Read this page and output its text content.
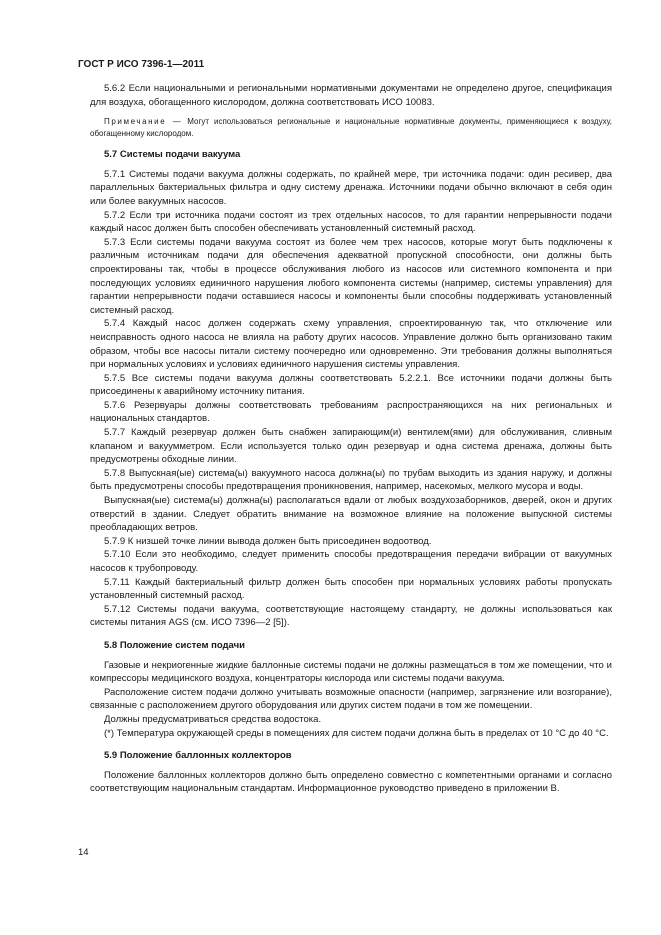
ГОСТ Р ИСО 7396-1—2011

5.6.2 Если национальными и региональными нормативными документами не определено другое, спецификация для воздуха, обогащенного кислородом, должна соответствовать ИСО 10083.

Примечание — Могут использоваться региональные и национальные нормативные документы, применяющиеся к воздуху, обогащенному кислородом.

5.7 Системы подачи вакуума

5.7.1 Системы подачи вакуума должны содержать, по крайней мере, три источника подачи: один ресивер, два параллельных бактериальных фильтра и одну систему дренажа. Источники подачи обычно включают в себя один или более вакуумных насосов.

5.7.2 Если три источника подачи состоят из трех отдельных насосов, то для гарантии непрерывности подачи каждый насос должен быть способен обеспечивать установленный системный расход.

5.7.3 Если системы подачи вакуума состоят из более чем трех насосов, которые могут быть подключены к различным источникам подачи для обеспечения адекватной пропускной способности, они должны быть спроектированы так, чтобы в процессе обслуживания любого из насосов или системного компонента и при последующих условиях единичного нарушения любого компонента системы (например, системы управления) для гарантии непрерывности подачи оставшиеся насосы и компоненты были способны поддерживать установленный системный расход.

5.7.4 Каждый насос должен содержать схему управления, спроектированную так, что отключение или неисправность одного насоса не влияла на работу других насосов. Управление должно быть организовано таким образом, чтобы все насосы питали систему поочередно или одновременно. Эти требования должны выполняться при нормальных условиях и условиях единичного нарушения системы управления.

5.7.5 Все системы подачи вакуума должны соответствовать 5.2.2.1. Все источники подачи должны быть присоединены к аварийному источнику питания.

5.7.6 Резервуары должны соответствовать требованиям распространяющихся на них региональных и национальных стандартов.

5.7.7 Каждый резервуар должен быть снабжен запирающим(и) вентилем(ями) для обслуживания, сливным клапаном и вакуумметром. Если используется только один резервуар и одна система дренажа, должны быть предусмотрены обходные линии.

5.7.8 Выпускная(ые) система(ы) вакуумного насоса должна(ы) по трубам выходить из здания наружу, и должны быть предусмотрены способы предотвращения проникновения, например, насекомых, мелкого мусора и воды.

Выпускная(ые) система(ы) должна(ы) располагаться вдали от любых воздухозаборников, дверей, окон и других отверстий в здании. Следует обратить внимание на возможное влияние на положение выпускной системы преобладающих ветров.

5.7.9 К низшей точке линии вывода должен быть присоединен водоотвод.

5.7.10 Если это необходимо, следует применить способы предотвращения передачи вибрации от вакуумных насосов к трубопроводу.

5.7.11 Каждый бактериальный фильтр должен быть способен при нормальных условиях работы пропускать установленный системный расход.

5.7.12 Системы подачи вакуума, соответствующие настоящему стандарту, не должны использоваться как системы питания AGS (см. ИСО 7396—2 [5]).

5.8 Положение систем подачи

Газовые и некриогенные жидкие баллонные системы подачи не должны размещаться в том же помещении, что и компрессоры медицинского воздуха, концентраторы кислорода или системы подачи вакуума.

Расположение систем подачи должно учитывать возможные опасности (например, загрязнение или возгорание), связанные с расположением другого оборудования или других систем подачи в том же помещении.

Должны предусматриваться средства водостока.

(*) Температура окружающей среды в помещениях для систем подачи должна быть в пределах от 10 °C до 40 °C.

5.9 Положение баллонных коллекторов

Положение баллонных коллекторов должно быть определено совместно с компетентными органами и согласно соответствующим национальным стандартам. Информационное руководство приведено в приложении В.

14
